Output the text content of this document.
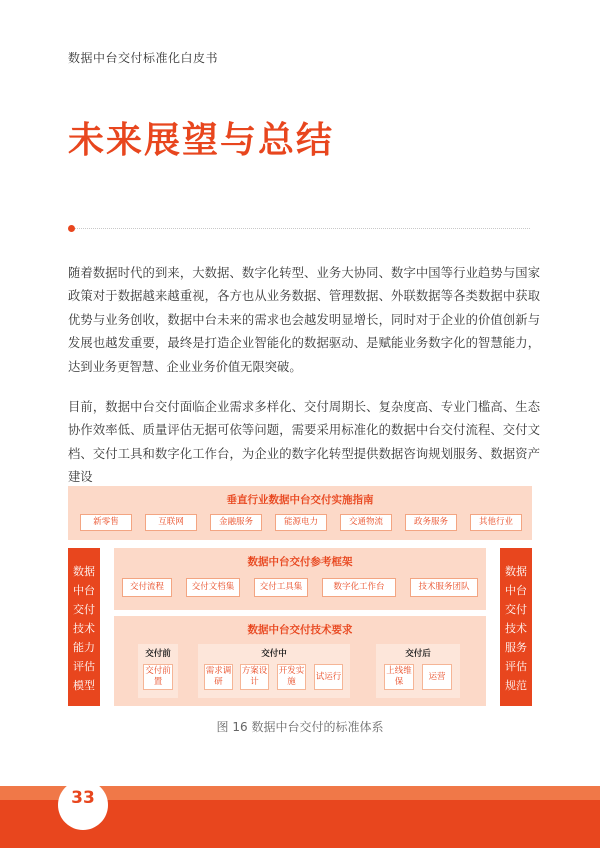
数据中台交付标准化白皮书
未来展望与总结

随着数据时代的到来，大数据、数字化转型、业务大协同、数字中国等行业趋势与国家政策对于数据越来越重视，各方也从业务数据、管理数据、外联数据等各类数据中获取优势与业务创收，数据中台未来的需求也会越发明显增长，同时对于企业的价值创新与发展也越发重要，最终是打造企业智能化的数据驱动、是赋能业务数字化的智慧能力，达到业务更智慧、企业业务价值无限突破。

目前，数据中台交付面临企业需求多样化、交付周期长、复杂度高、专业门槛高、生态协作效率低、质量评估无据可依等问题，需要采用标准化的数据中台交付流程、交付文档、交付工具和数字化工作台，为企业的数字化转型提供数据咨询规划服务、数据资产建设

垂直行业数据中台交付实施指南
新零售	互联网	金融服务	能源电力	交通物流	政务服务	其他行业
数据中台交付技术能力评估模型
数据中台交付技术服务评估规范
数据中台交付参考框架
交付流程	交付文档集	交付工具集	数字化工作台	技术服务团队
数据中台交付技术要求
交付前
交付前置
交付中
需求调研
方案设计
开发实施
试运行
交付后
上线维保
运营
图 16 数据中台交付的标准体系
33
